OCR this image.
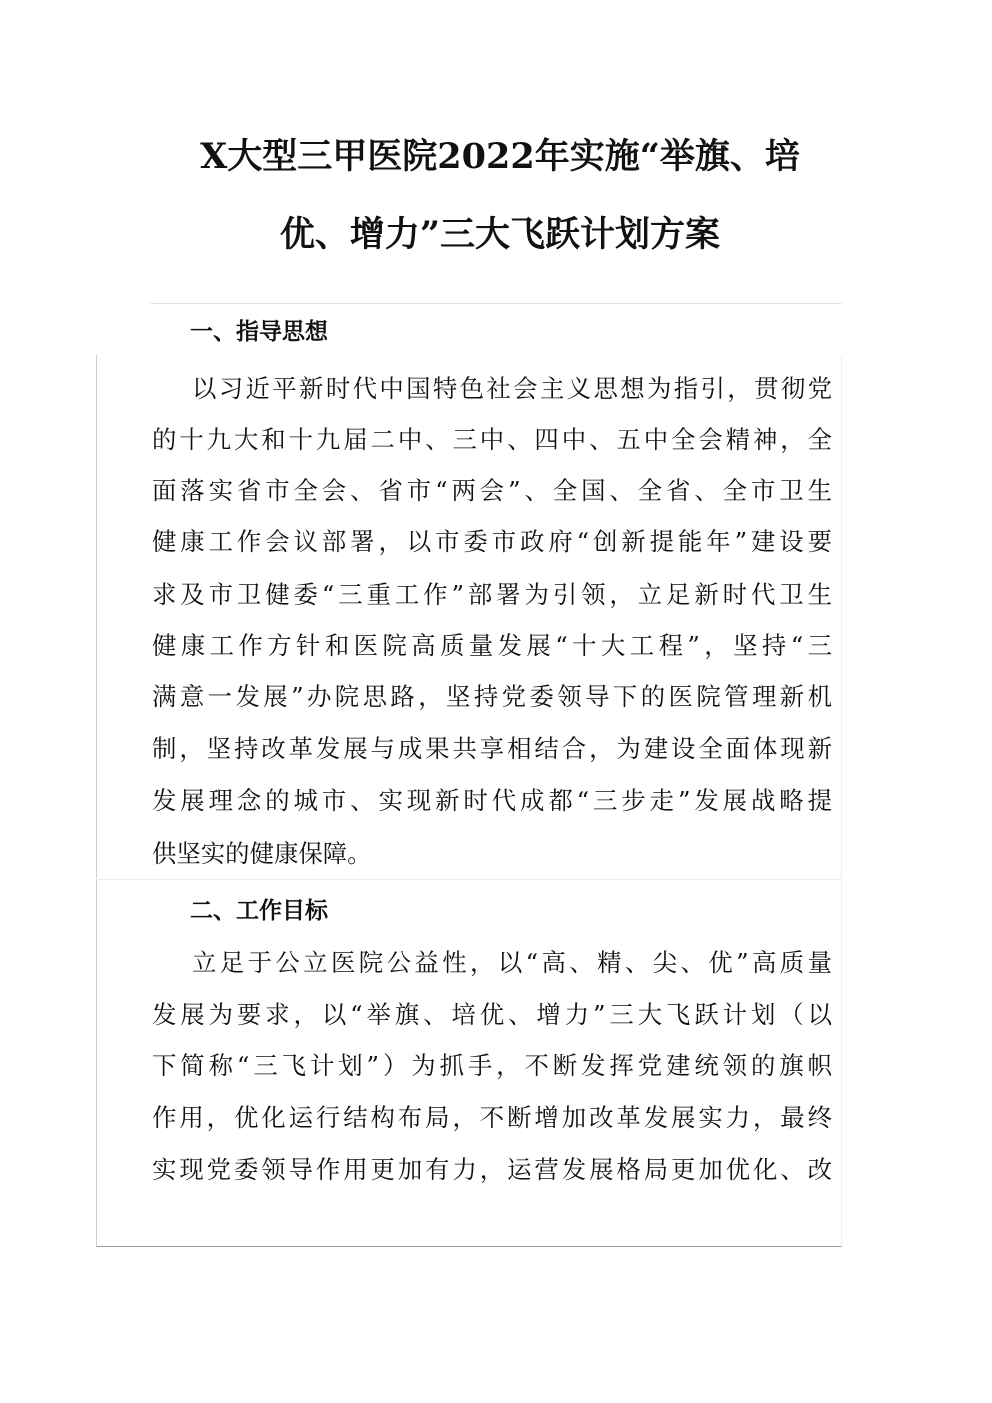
X大型三甲医院2022年实施“举旗、培
优、增力”三大飞跃计划方案
一、指导思想
以习近平新时代中国特色社会主义思想为指引，贯彻党
的十九大和十九届二中、三中、四中、五中全会精神，全
面落实省市全会、省市“两会”、全国、全省、全市卫生
健康工作会议部署，以市委市政府“创新提能年”建设要
求及市卫健委“三重工作”部署为引领，立足新时代卫生
健康工作方针和医院高质量发展“十大工程”，坚持“三
满意一发展”办院思路，坚持党委领导下的医院管理新机
制，坚持改革发展与成果共享相结合，为建设全面体现新
发展理念的城市、实现新时代成都“三步走”发展战略提
供坚实的健康保障。
二、工作目标
立足于公立医院公益性，以“高、精、尖、优”高质量
发展为要求，以“举旗、培优、增力”三大飞跃计划（以
下简称“三飞计划”）为抓手，不断发挥党建统领的旗帜
作用，优化运行结构布局，不断增加改革发展实力，最终
实现党委领导作用更加有力，运营发展格局更加优化、改
